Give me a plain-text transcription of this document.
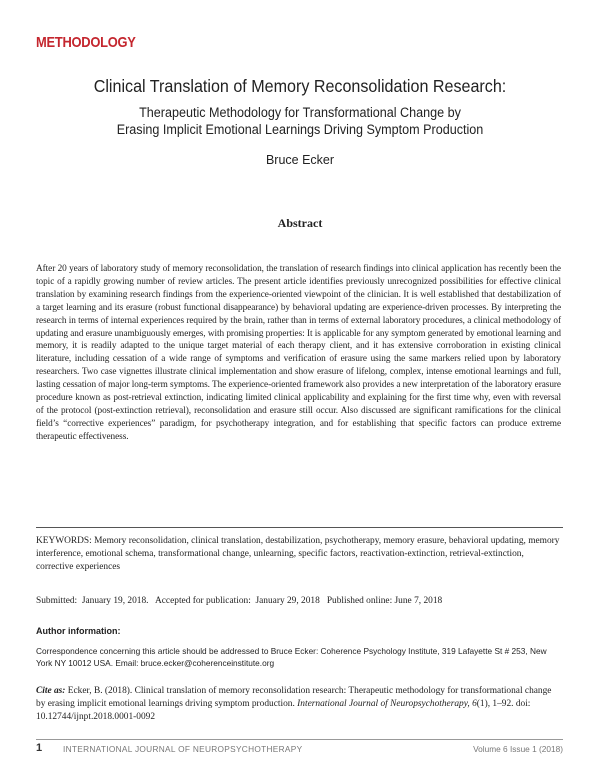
METHODOLOGY
Clinical Translation of Memory Reconsolidation Research:
Therapeutic Methodology for Transformational Change by
Erasing Implicit Emotional Learnings Driving Symptom Production
Bruce Ecker
Abstract
After 20 years of laboratory study of memory reconsolidation, the translation of research findings into clinical application has recently been the topic of a rapidly growing number of review articles. The present article identifies previously unrecognized possibilities for effective clinical translation by examining research findings from the experience-oriented viewpoint of the clinician. It is well established that destabilization of a target learning and its erasure (robust functional disappearance) by behavioral updating are experience-driven processes. By interpreting the research in terms of internal experiences required by the brain, rather than in terms of external laboratory procedures, a clinical methodology of updating and erasure unambiguously emerges, with promising properties: It is applicable for any symptom generated by emotional learning and memory, it is readily adapted to the unique target material of each therapy client, and it has extensive corroboration in existing clinical literature, including cessation of a wide range of symptoms and verification of erasure using the same markers relied upon by laboratory researchers. Two case vignettes illustrate clinical implementation and show erasure of lifelong, complex, intense emotional learnings and full, lasting cessation of major long-term symptoms. The experience-oriented framework also provides a new interpretation of the laboratory erasure procedure known as post-retrieval extinction, indicating limited clinical applicability and explaining for the first time why, even with reversal of the protocol (post-extinction retrieval), reconsolidation and erasure still occur. Also discussed are significant ramifications for the clinical field’s “corrective experiences” paradigm, for psychotherapy integration, and for establishing that specific factors can produce extreme therapeutic effectiveness.
KEYWORDS: Memory reconsolidation, clinical translation, destabilization, psychotherapy, memory erasure, behavioral updating, memory interference, emotional schema, transformational change, unlearning, specific factors, reactivation-extinction, retrieval-extinction, corrective experiences
Submitted:  January 19, 2018.   Accepted for publication:  January 29, 2018   Published online: June 7, 2018
Author information:
Correspondence concerning this article should be addressed to Bruce Ecker: Coherence Psychology Institute, 319 Lafayette St # 253, New York NY 10012 USA. Email: bruce.ecker@coherenceinstitute.org
Cite as: Ecker, B. (2018). Clinical translation of memory reconsolidation research: Therapeutic methodology for transformational change by erasing implicit emotional learnings driving symptom production. International Journal of Neuropsychotherapy, 6(1), 1–92. doi: 10.12744/ijnpt.2018.0001-0092
1	INTERNATIONAL JOURNAL OF NEUROPSYCHOTHERAPY	Volume 6 Issue 1 (2018)
